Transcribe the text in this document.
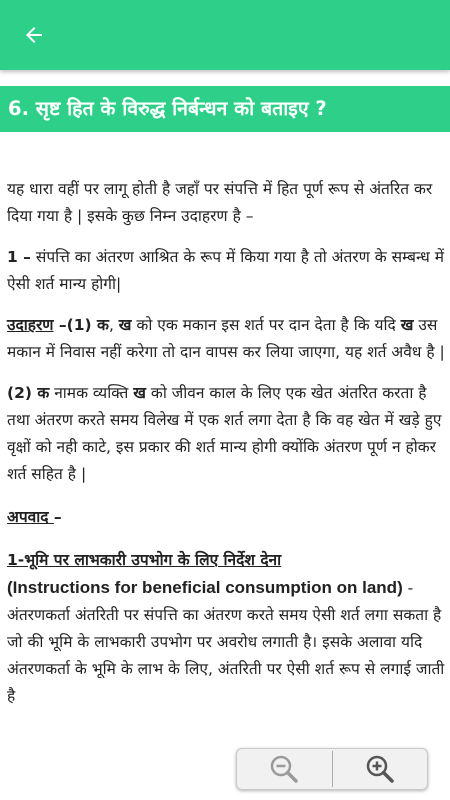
6. सृष्ट हित के विरुद्ध निर्बन्धन को बताइए ?

यह धारा वहीं पर लागू होती है जहाँ पर संपत्ति में हित पूर्ण रूप से अंतरित कर दिया गया है | इसके कुछ निम्न उदाहरण है –

1 – संपत्ति का अंतरण आश्रित के रूप में किया गया है तो अंतरण के सम्बन्ध में ऐसी शर्त मान्य होगी|

उदाहरण –(1) क, ख को एक मकान इस शर्त पर दान देता है कि यदि ख उस मकान में निवास नहीं करेगा तो दान वापस कर लिया जाएगा, यह शर्त अवैध है |

(2) क नामक व्यक्ति ख को जीवन काल के लिए एक खेत अंतरित करता है तथा अंतरण करते समय विलेख में एक शर्त लगा देता है कि वह खेत में खड़े हुए वृक्षों को नही काटे, इस प्रकार की शर्त मान्य होगी क्योंकि अंतरण पूर्ण न होकर शर्त सहित है |

अपवाद –

1-भूमि पर लाभकारी उपभोग के लिए निर्देश देना
(Instructions for beneficial consumption on land) - अंतरणकर्ता अंतरिती पर संपत्ति का अंतरण करते समय ऐसी शर्त लगा सकता है जो की भूमि के लाभकारी उपभोग पर अवरोध लगाती है। इसके अलावा यदि अंतरणकर्ता के भूमि के लाभ के लिए, अंतरिती पर ऐसी शर्त रूप से लगाई जाती है
